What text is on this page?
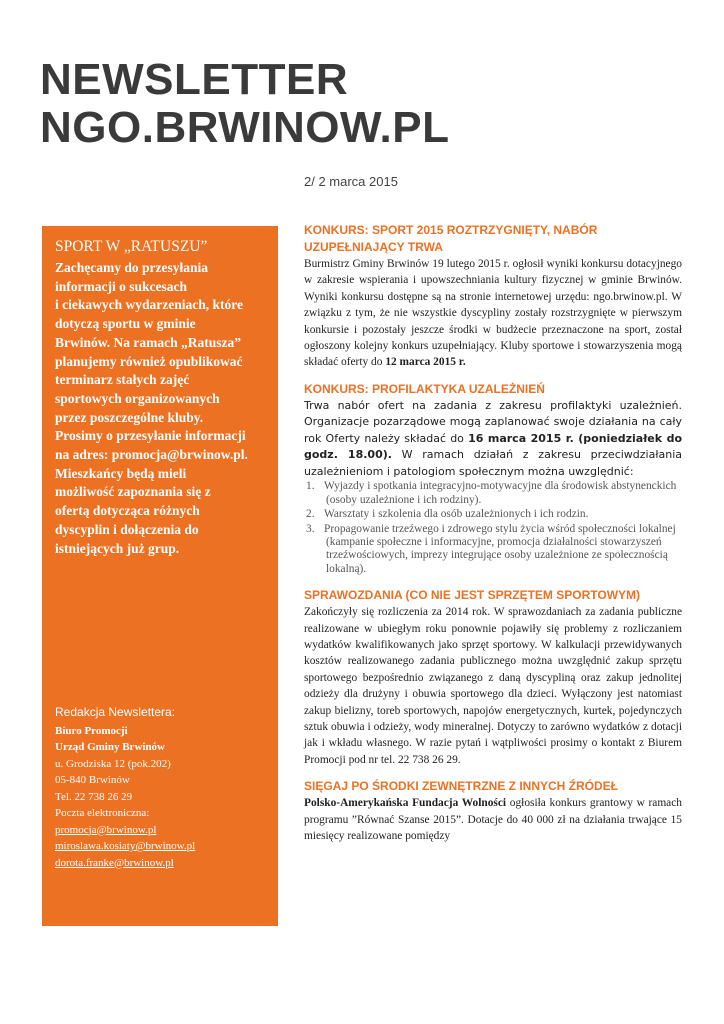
NEWSLETTER
NGO.BRWINOW.PL
2/ 2 marca 2015
SPORT W „RATUSZU”
Zachęcamy do przesyłania
informacji o sukcesach
i ciekawych wydarzeniach, które
dotyczą sportu w gminie
Brwinów. Na ramach „Ratusza”
planujemy również opublikować
terminarz stałych zajęć
sportowych organizowanych
przez poszczególne kluby.
Prosimy o przesyłanie informacji
na adres: promocja@brwinow.pl.
Mieszkańcy będą mieli
możliwość zapoznania się z
ofertą dotycząca różnych
dyscyplin i dołączenia do
istniejących już grup.
Redakcja Newslettera:
Biuro Promocji
Urząd Gminy Brwinów
u. Grodziska 12 (pok.202)
05-840 Brwinów
Tel. 22 738 26 29
Poczta elektroniczna:
promocja@brwinow.pl
miroslawa.kosiaty@brwinow.pl
dorota.franke@brwinow.pl
KONKURS: SPORT 2015 ROZTRZYGNIĘTY, NABÓR
UZUPEŁNIAJĄCY TRWA

Burmistrz Gminy Brwinów 19 lutego 2015 r. ogłosił wyniki konkursu dotacyjnego w zakresie wspierania i upowszechniania kultury fizycznej w gminie Brwinów. Wyniki konkursu dostępne są na stronie internetowej urzędu: ngo.brwinow.pl. W związku z tym, że nie wszystkie dyscypliny zostały rozstrzygnięte w pierwszym konkursie i pozostały jeszcze środki w budżecie przeznaczone na sport, został ogłoszony kolejny konkurs uzupełniający. Kluby sportowe i stowarzyszenia mogą składać oferty do 12 marca 2015 r.

KONKURS: PROFILAKTYKA UZALEŻNIEŃ

Trwa nabór ofert na zadania z zakresu profilaktyki uzależnień. Organizacje pozarządowe mogą zaplanować swoje działania na cały rok Oferty należy składać do 16 marca 2015 r. (poniedziałek do godz. 18.00). W ramach działań z zakresu przeciwdziałania uzależnieniom i patologiom społecznym można uwzględnić:

1. Wyjazdy i spotkania integracyjno-motywacyjne dla środowisk abstynenckich (osoby uzależnione i ich rodziny).
2. Warsztaty i szkolenia dla osób uzależnionych i ich rodzin.
3. Propagowanie trzeźwego i zdrowego stylu życia wśród społeczności lokalnej (kampanie społeczne i informacyjne, promocja działalności stowarzyszeń trzeźwościowych, imprezy integrujące osoby uzależnione ze społecznością lokalną).
SPRAWOZDANIA (CO NIE JEST SPRZĘTEM SPORTOWYM)

Zakończyły się rozliczenia za 2014 rok. W sprawozdaniach za zadania publiczne realizowane w ubiegłym roku ponownie pojawiły się problemy z rozliczaniem wydatków kwalifikowanych jako sprzęt sportowy. W kalkulacji przewidywanych kosztów realizowanego zadania publicznego można uwzględnić zakup sprzętu sportowego bezpośrednio związanego z daną dyscypliną oraz zakup jednolitej odzieży dla drużyny i obuwia sportowego dla dzieci. Wyłączony jest natomiast zakup bielizny, toreb sportowych, napojów energetycznych, kurtek, pojedynczych sztuk obuwia i odzieży, wody mineralnej. Dotyczy to zarówno wydatków z dotacji jak i wkładu własnego. W razie pytań i wątpliwości prosimy o kontakt z Biurem Promocji pod nr tel. 22 738 26 29.

SIĘGAJ PO ŚRODKI ZEWNĘTRZNE Z INNYCH ŹRÓDEŁ

Polsko-Amerykańska Fundacja Wolności ogłosiła konkurs grantowy w ramach programu ”Równać Szanse 2015”. Dotacje do 40 000 zł na działania trwające 15 miesięcy realizowane pomiędzy
